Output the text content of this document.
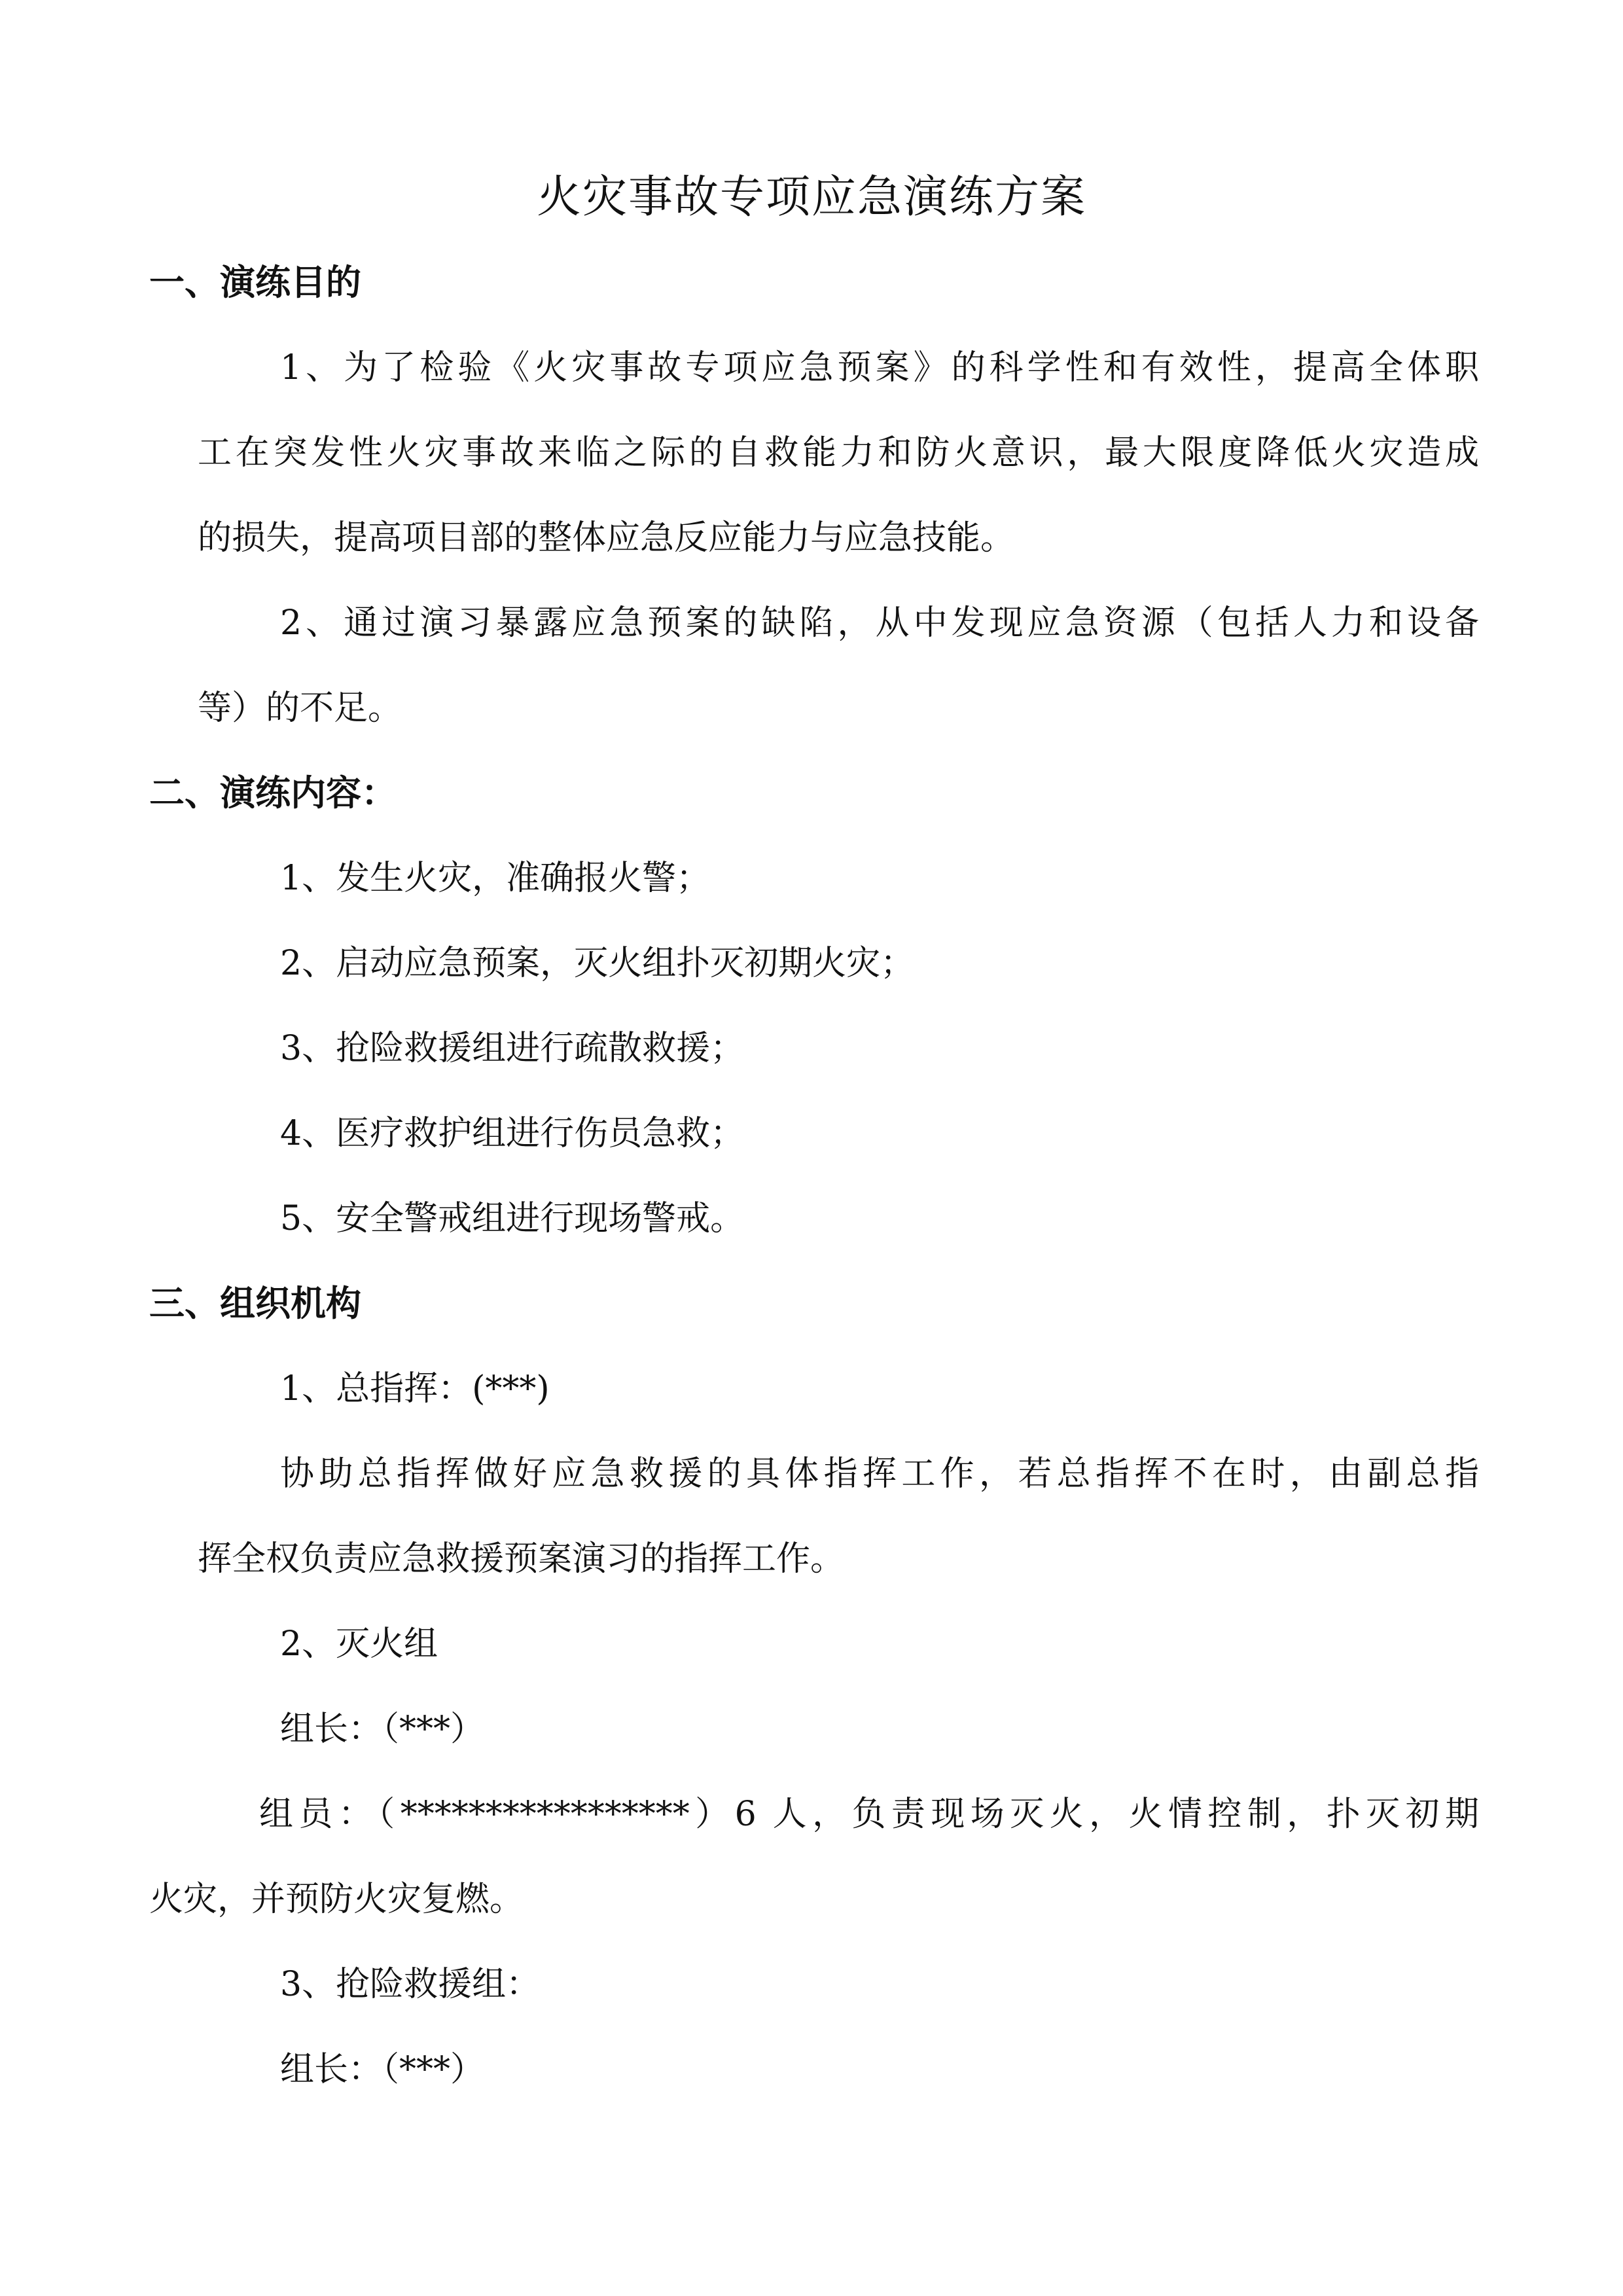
火灾事故专项应急演练方案
一、演练目的
1、为了检验《火灾事故专项应急预案》的科学性和有效性，提高全体职
工在突发性火灾事故来临之际的自救能力和防火意识，最大限度降低火灾造成
的损失，提高项目部的整体应急反应能力与应急技能。
2、通过演习暴露应急预案的缺陷，从中发现应急资源（包括人力和设备
等）的不足。
二、演练内容：
1、发生火灾，准确报火警；
2、启动应急预案，灭火组扑灭初期火灾；
3、抢险救援组进行疏散救援；
4、医疗救护组进行伤员急救；
5、安全警戒组进行现场警戒。
三、组织机构
1、总指挥：(***)
协助总指挥做好应急救援的具体指挥工作，若总指挥不在时，由副总指
挥全权负责应急救援预案演习的指挥工作。
2、灭火组
组长：（***）
组员：（*****************）6 人，负责现场灭火，火情控制，扑灭初期
火灾，并预防火灾复燃。
3、抢险救援组：
组长：（***）
